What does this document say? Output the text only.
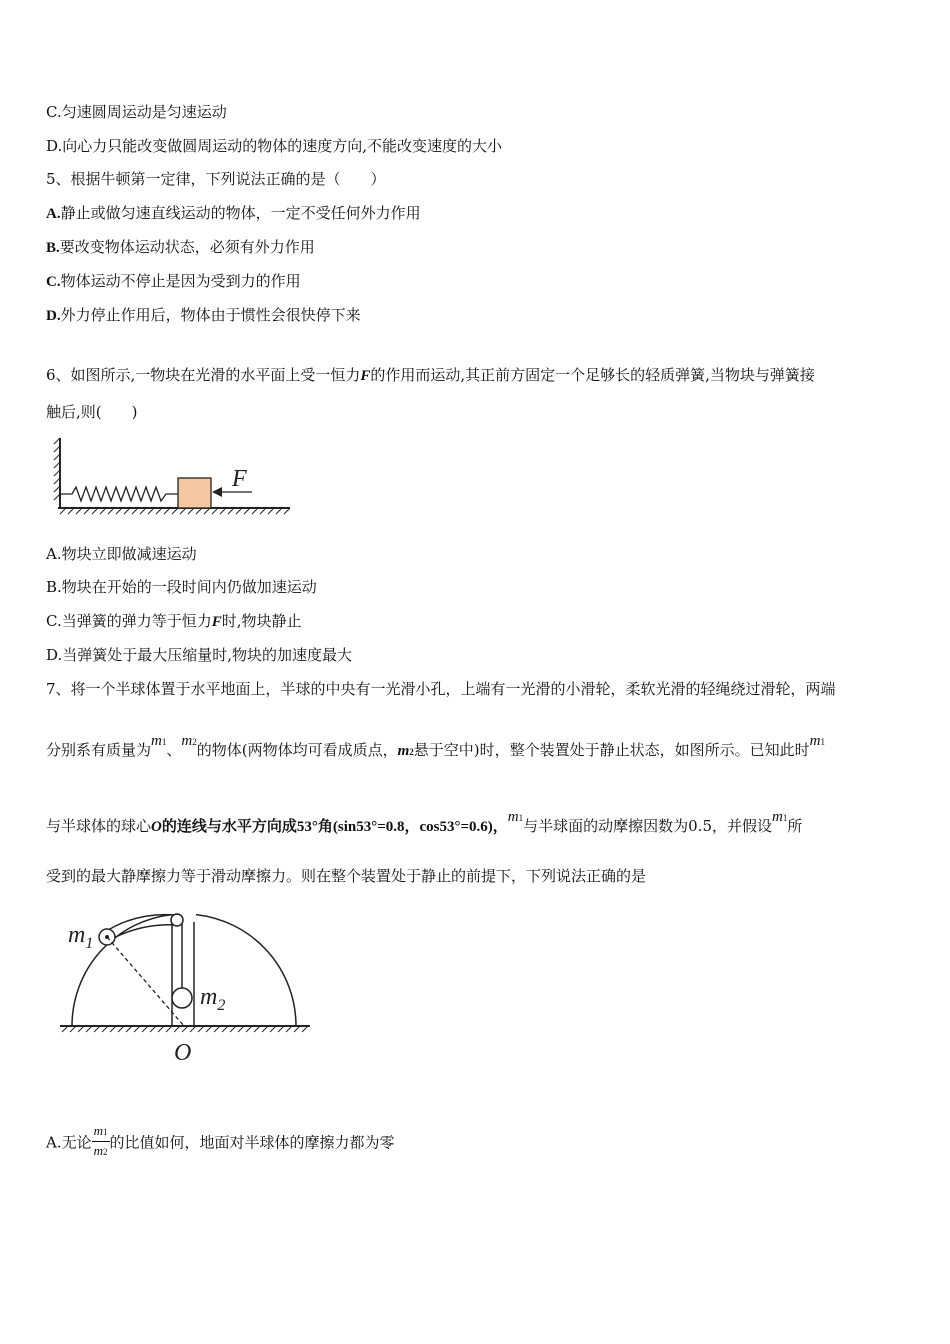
C.匀速圆周运动是匀速运动
D.向心力只能改变做圆周运动的物体的速度方向,不能改变速度的大小
5、根据牛顿第一定律，下列说法正确的是（　　）
A.静止或做匀速直线运动的物体，一定不受任何外力作用
B.要改变物体运动状态，必须有外力作用
C.物体运动不停止是因为受到力的作用
D.外力停止作用后，物体由于惯性会很快停下来
6、如图所示,一物块在光滑的水平面上受一恒力F的作用而运动,其正前方固定一个足够长的轻质弹簧,当物块与弹簧接
触后,则(　　)
F
A.物块立即做减速运动
B.物块在开始的一段时间内仍做加速运动
C.当弹簧的弹力等于恒力F时,物块静止
D.当弹簧处于最大压缩量时,物块的加速度最大
7、将一个半球体置于水平地面上，半球的中央有一光滑小孔，上端有一光滑的小滑轮，柔软光滑的轻绳绕过滑轮，两端
分别系有质量为m1、m2的物体(两物体均可看成质点，m2悬于空中)时，整个装置处于静止状态，如图所示。已知此时m1
与半球体的球心O的连线与水平方向成53°角(sin53°=0.8，cos53°=0.6)，m1与半球面的动摩擦因数为0.5，并假设m1所
受到的最大静摩擦力等于滑动摩擦力。则在整个装置处于静止的前提下，下列说法正确的是
$m_1$
$m_2$
O
A.无论 $\frac{m1}{m2}$ 的比值如何，地面对半球体的摩擦力都为零
